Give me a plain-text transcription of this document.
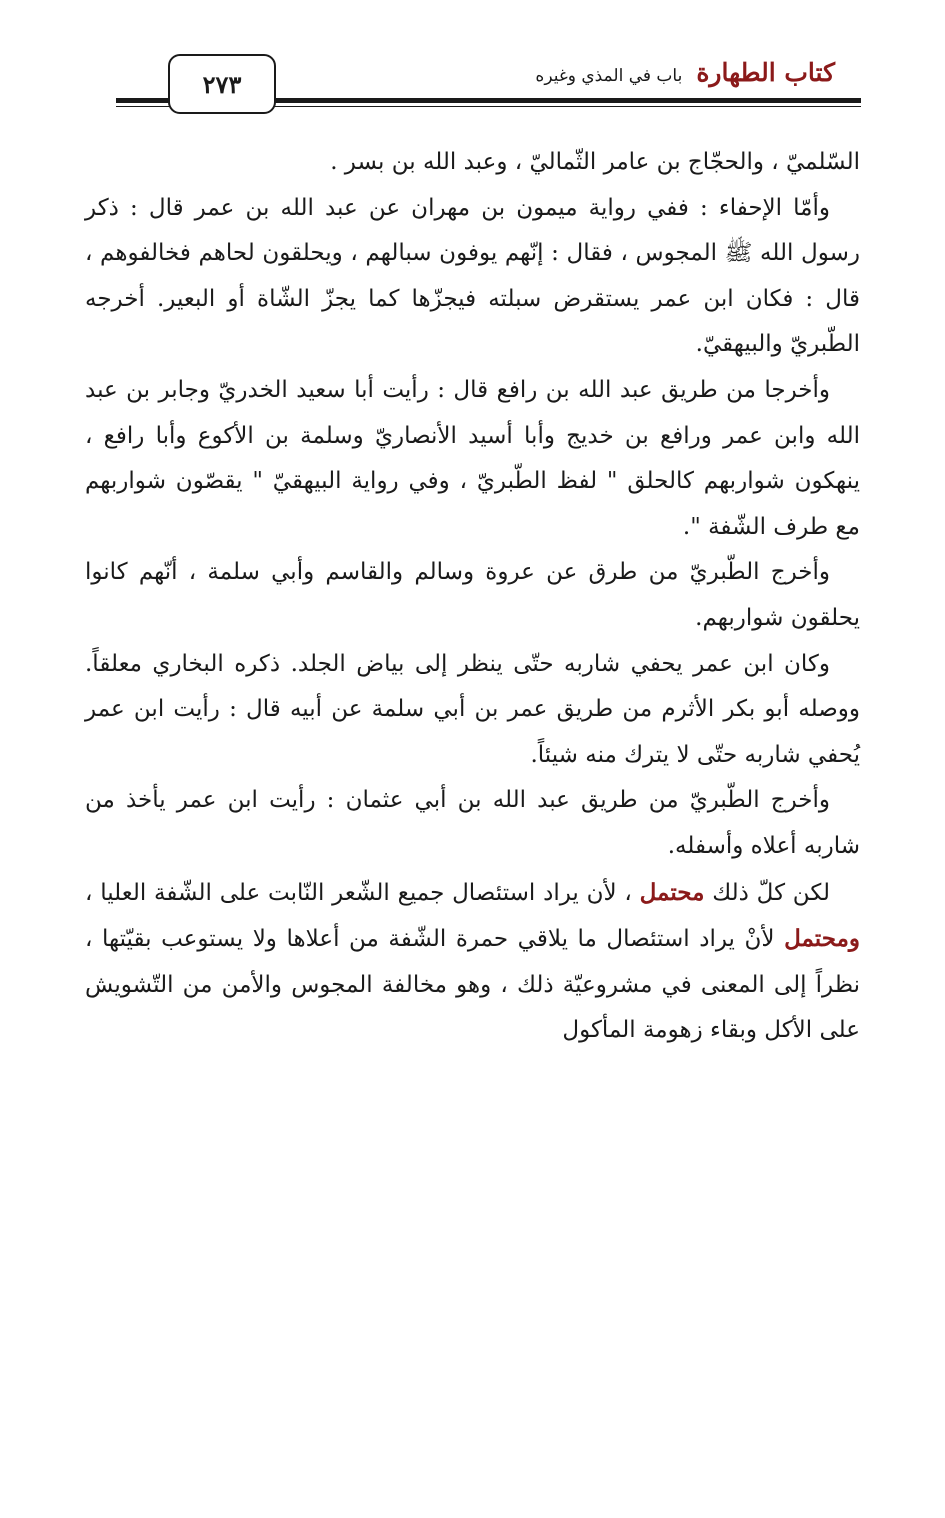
٢٧٣	كتاب الطهارة
باب في المذي وغيره

السّلميّ ، والحجّاج بن عامر الثّماليّ ، وعبد الله بن بسر .

وأمّا الإحفاء : ففي رواية ميمون بن مهران عن عبد الله بن عمر قال : ذكر رسول الله ﷺ المجوس ، فقال : إنّهم يوفون سبالهم ، ويحلقون لحاهم فخالفوهم ، قال : فكان ابن عمر يستقرض سبلته فيجزّها كما يجزّ الشّاة أو البعير. أخرجه الطّبريّ والبيهقيّ.

وأخرجا من طريق عبد الله بن رافع قال : رأيت أبا سعيد الخدريّ وجابر بن عبد الله وابن عمر ورافع بن خديج وأبا أسيد الأنصاريّ وسلمة بن الأكوع وأبا رافع ، ينهكون شواربهم كالحلق " لفظ الطّبريّ ، وفي رواية البيهقيّ " يقصّون شواربهم مع طرف الشّفة ".

وأخرج الطّبريّ من طرق عن عروة وسالم والقاسم وأبي سلمة ، أنّهم كانوا يحلقون شواربهم.

وكان ابن عمر يحفي شاربه حتّى ينظر إلى بياض الجلد. ذكره البخاري معلقاً. ووصله أبو بكر الأثرم من طريق عمر بن أبي سلمة عن أبيه قال : رأيت ابن عمر يُحفي شاربه حتّى لا يترك منه شيئاً.

وأخرج الطّبريّ من طريق عبد الله بن أبي عثمان : رأيت ابن عمر يأخذ من شاربه أعلاه وأسفله.

لكن كلّ ذلك محتمل ، لأن يراد استئصال جميع الشّعر النّابت على الشّفة العليا ، ومحتمل لأنْ يراد استئصال ما يلاقي حمرة الشّفة من أعلاها ولا يستوعب بقيّتها ، نظراً إلى المعنى في مشروعيّة ذلك ، وهو مخالفة المجوس والأمن من التّشويش على الأكل وبقاء زهومة المأكول
